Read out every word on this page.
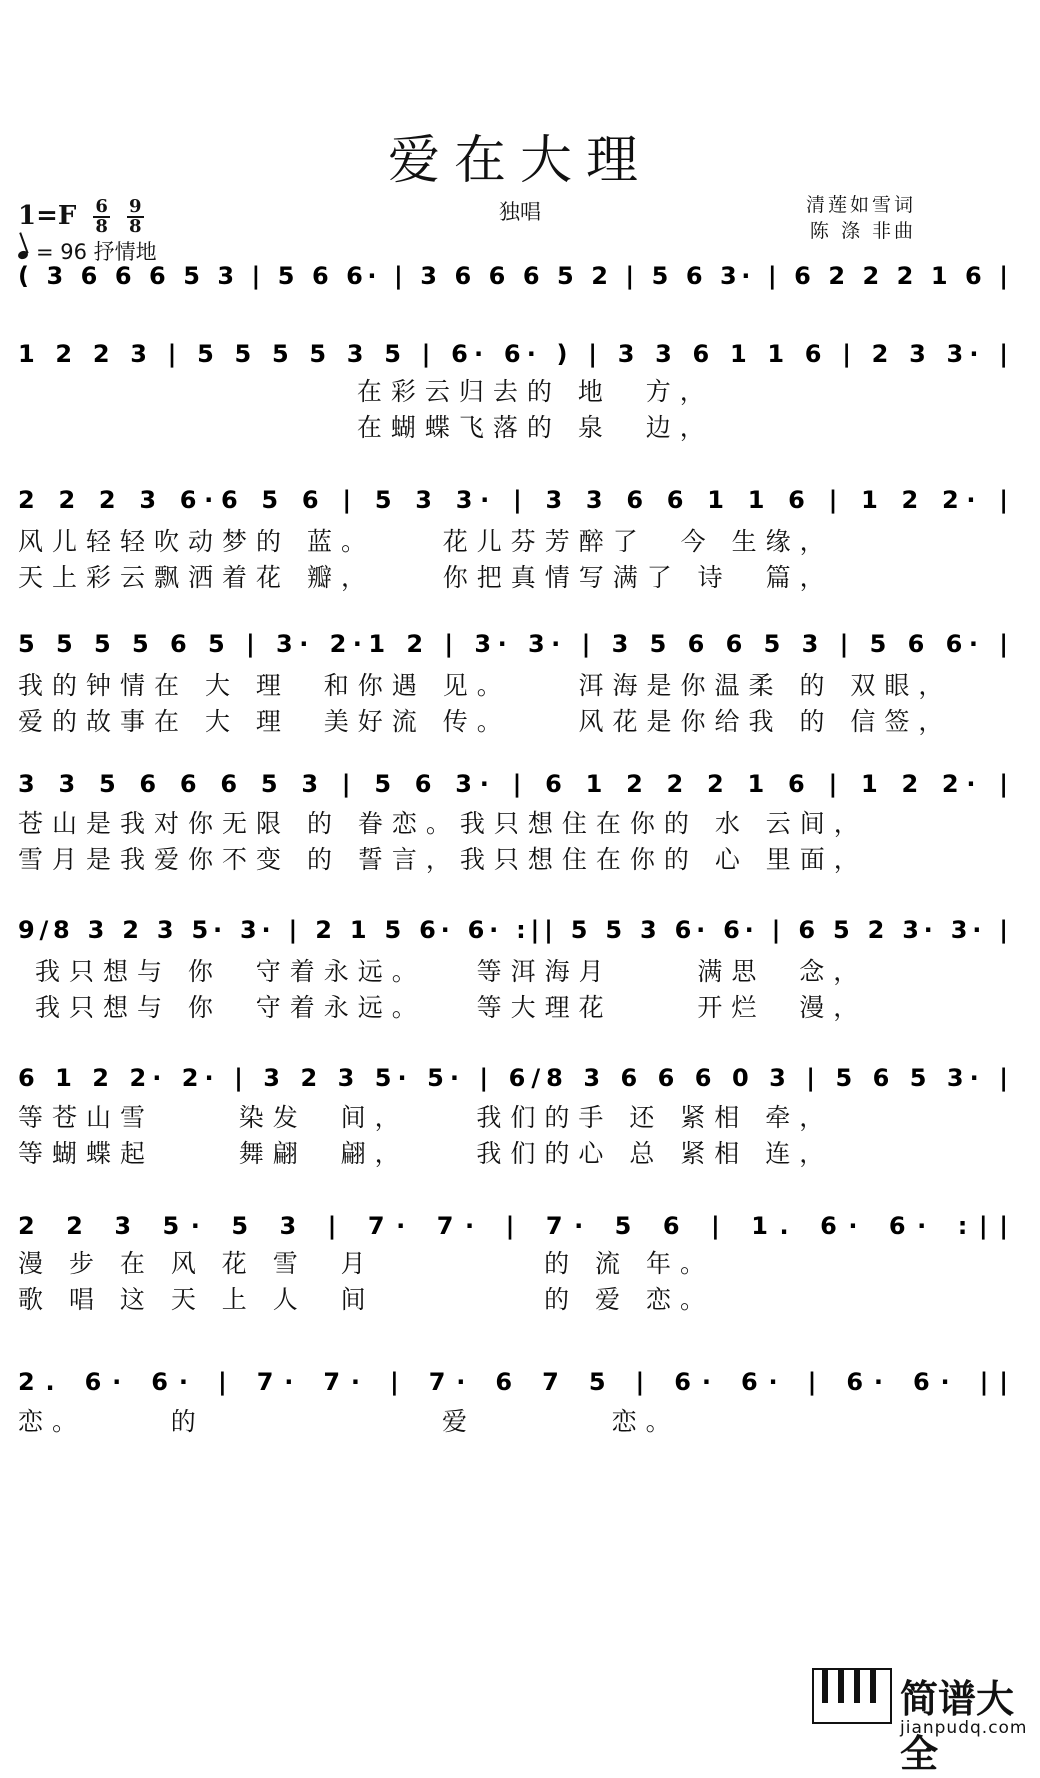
爱在大理
独唱
$1=F \frac{6}{8}$
$\frac{9}{8}$
= 96 抒情地
清莲如雪词
陈 涤 非曲
( 3 6 6 6 5 3 | 5 6 6· | 3 6 6 6 5 2 | 5 6 3· | 6 2 2 2 1 6 |
1 2 2 3 | 5 5 5 5 3 5 | 6· 6· ) | 3 3 6 1 1 6 | 2 3 3· |
在彩云归去的 地  方，
在蝴蝶飞落的 泉  边，
2 2 2 3 6·6 5 6 | 5 3 3· | 3 3 6 6 1 1 6 | 1 2 2· |
风儿轻轻吹动梦的 蓝。    花儿芬芳醉了  今 生缘，
天上彩云飘洒着花 瓣，    你把真情写满了 诗  篇，
5 5 5 5 6 5 | 3· 2·1 2 | 3· 3· | 3 5 6 6 5 3 | 5 6 6· |
我的钟情在 大 理  和你遇 见。    洱海是你温柔 的 双眼，
爱的故事在 大 理  美好流 传。    风花是你给我 的 信签，
3 3 5 6 6 6 5 3 | 5 6 3· | 6 1 2 2 2 1 6 | 1 2 2· |
苍山是我对你无限 的 眷恋。我只想住在你的 水 云间，
雪月是我爱你不变 的 誓言，我只想住在你的 心 里面，
9/8 3 2 3 5· 3· | 2 1 5 6· 6· :|| 5 5 3 6· 6· | 6 5 2 3· 3· |
我只想与 你  守着永远。   等洱海月     满思  念，
我只想与 你  守着永远。   等大理花     开烂  漫，
6 1 2 2· 2· | 3 2 3 5· 5· | 6/8 3 6 6 6 0 3 | 5 6 5 3· |
等苍山雪     染发  间，    我们的手 还 紧相 牵，
等蝴蝶起     舞翩  翩，    我们的心 总 紧相 连，
2 2 3 5· 5 3 | 7· 7· | 7· 5 6 | 1. 6· 6· :||
漫 步 在 风 花 雪  月          的 流 年。
歌 唱 这 天 上 人  间          的 爱 恋。
2. 6· 6· | 7· 7· | 7· 6 7 5 | 6· 6· | 6· 6· ||
恋。     的              爱        恋。
简谱大全
jianpudq.com
